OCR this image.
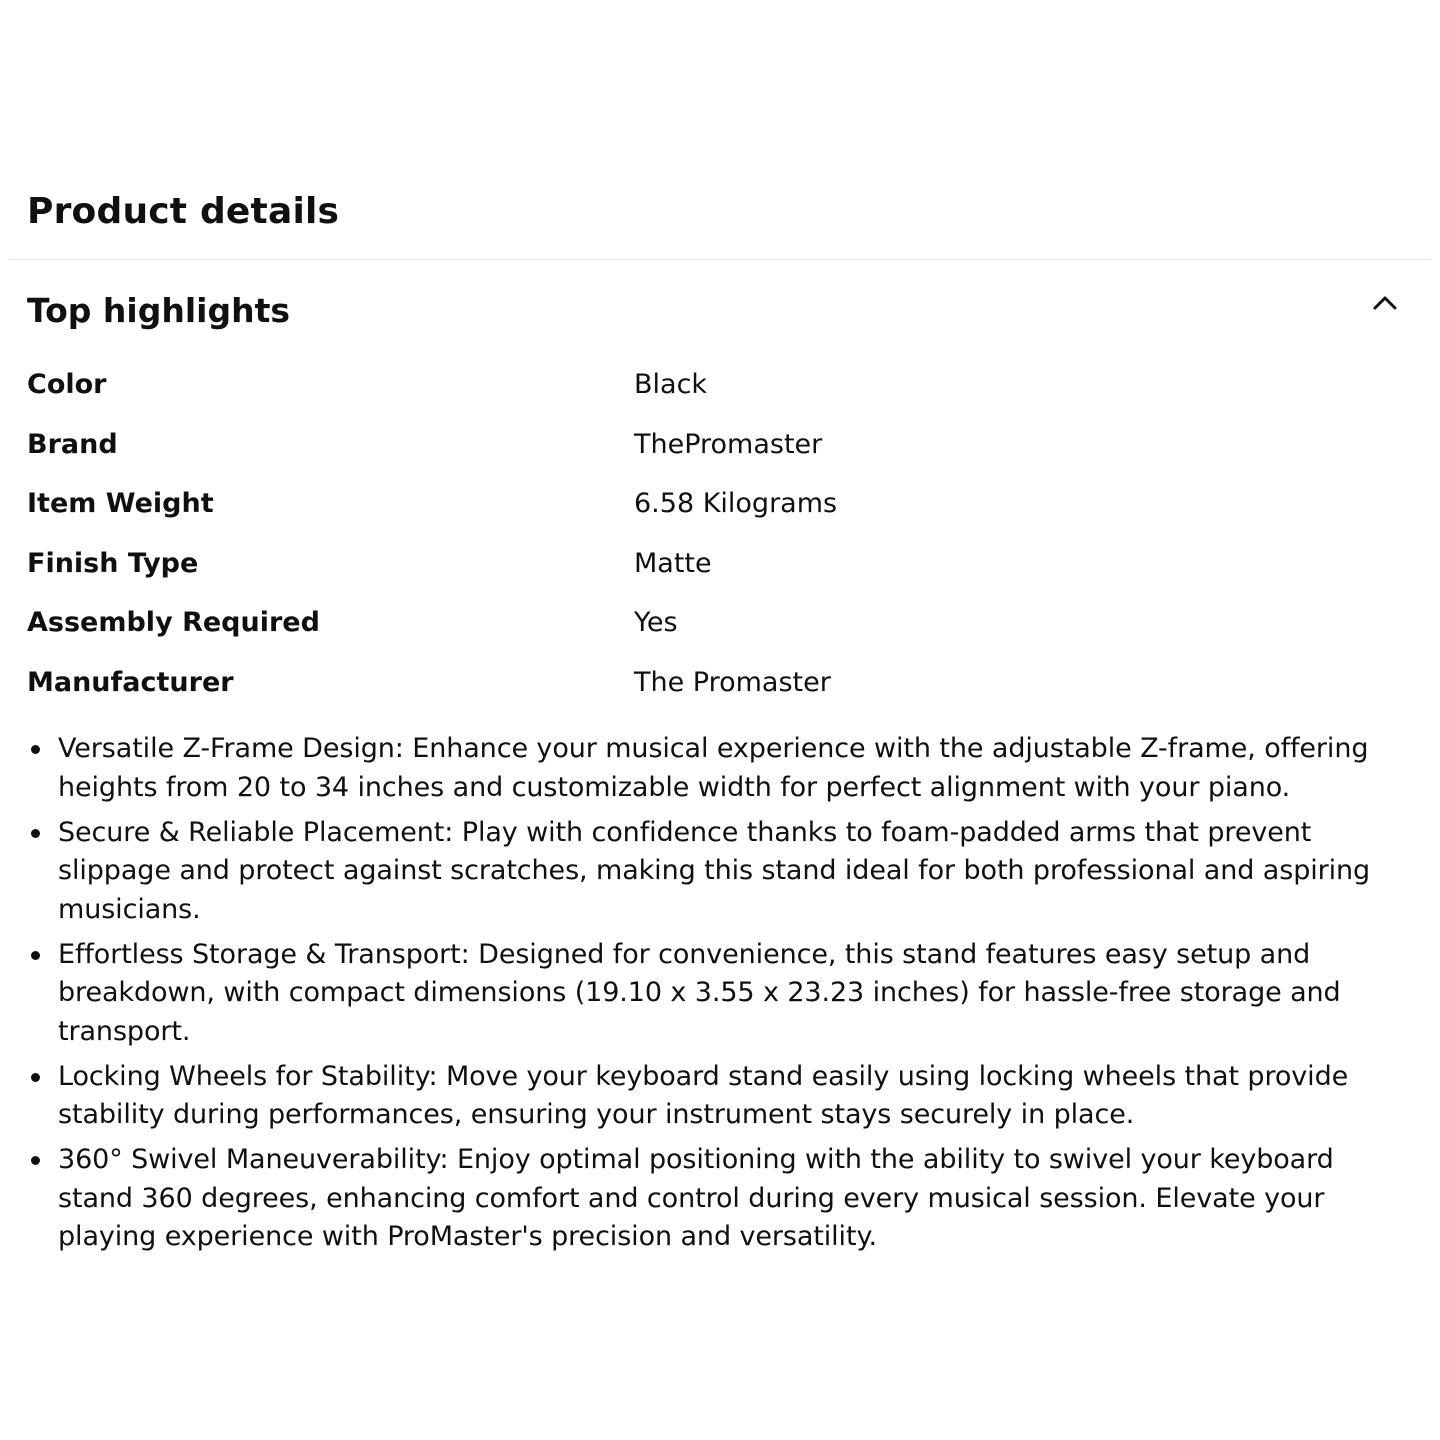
Product details
Top highlights
Color	Black
Brand	ThePromaster
Item Weight	6.58 Kilograms
Finish Type	Matte
Assembly Required	Yes
Manufacturer	The Promaster
Versatile Z-Frame Design: Enhance your musical experience with the adjustable Z-frame, offering heights from 20 to 34 inches and customizable width for perfect alignment with your piano.
Secure & Reliable Placement: Play with confidence thanks to foam-padded arms that prevent slippage and protect against scratches, making this stand ideal for both professional and aspiring musicians.
Effortless Storage & Transport: Designed for convenience, this stand features easy setup and breakdown, with compact dimensions (19.10 x 3.55 x 23.23 inches) for hassle-free storage and transport.
Locking Wheels for Stability: Move your keyboard stand easily using locking wheels that provide stability during performances, ensuring your instrument stays securely in place.
360° Swivel Maneuverability: Enjoy optimal positioning with the ability to swivel your keyboard stand 360 degrees, enhancing comfort and control during every musical session. Elevate your playing experience with ProMaster's precision and versatility.
